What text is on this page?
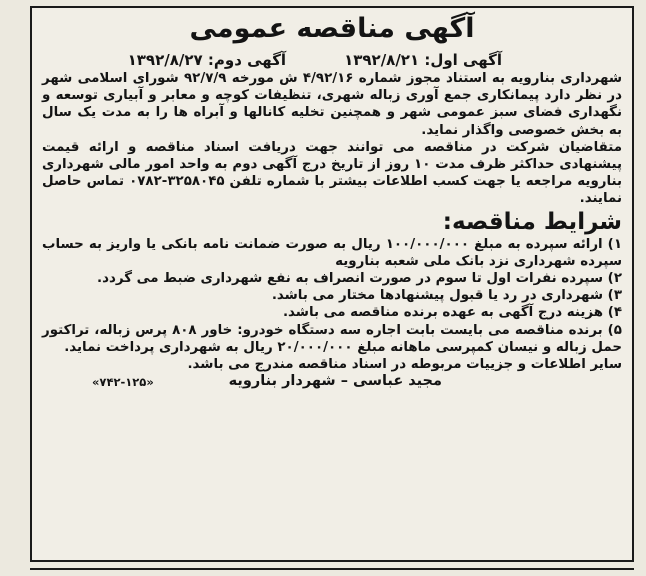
آگهی مناقصه عمومی
آگهی اول: ۱۳۹۲/۸/۲۱
آگهی دوم: ۱۳۹۲/۸/۲۷

شهرداری بنارویه به استناد مجوز شماره ۴/۹۲/۱۶ ش مورخه ۹۲/۷/۹ شورای اسلامی شهر در نظر دارد پیمانکاری جمع آوری زباله شهری، تنظیفات کوچه و معابر و آبیاری توسعه و نگهداری فضای سبز عمومی شهر و همچنین تخلیه کانالها و آبراه ها را به مدت یک سال به بخش خصوصی واگذار نماید.

متقاضیان شرکت در مناقصه می توانند جهت دریافت اسناد مناقصه و ارائه قیمت پیشنهادی حداکثر ظرف مدت ۱۰ روز از تاریخ درج آگهی دوم به واحد امور مالی شهرداری بنارویه مراجعه یا جهت کسب اطلاعات بیشتر با شماره تلفن ۳۲۵۸۰۴۵-۰۷۸۲ تماس حاصل نمایند.

شرایط مناقصه:
۱) ارائه سپرده به مبلغ ۱۰۰/۰۰۰/۰۰۰ ریال به صورت ضمانت نامه بانکی یا واریز به حساب سپرده شهرداری نزد بانک ملی شعبه بنارویه
۲) سپرده نفرات اول تا سوم در صورت انصراف به نفع شهرداری ضبط می گردد.
۳) شهرداری در رد یا قبول پیشنهادها مختار می باشد.
۴) هزینه درج آگهی به عهده برنده مناقصه می باشد.
۵) برنده مناقصه می بایست بابت اجاره سه دستگاه خودرو: خاور ۸۰۸ پرس زباله، تراکتور حمل زباله و نیسان کمپرسی ماهانه مبلغ ۲۰/۰۰۰/۰۰۰ ریال به شهرداری پرداخت نماید.

سایر اطلاعات و جزییات مربوطه در اسناد مناقصه مندرج می باشد.

مجید عباسی – شهردار بنارویه
«۷۴۲-۱۲۵»
